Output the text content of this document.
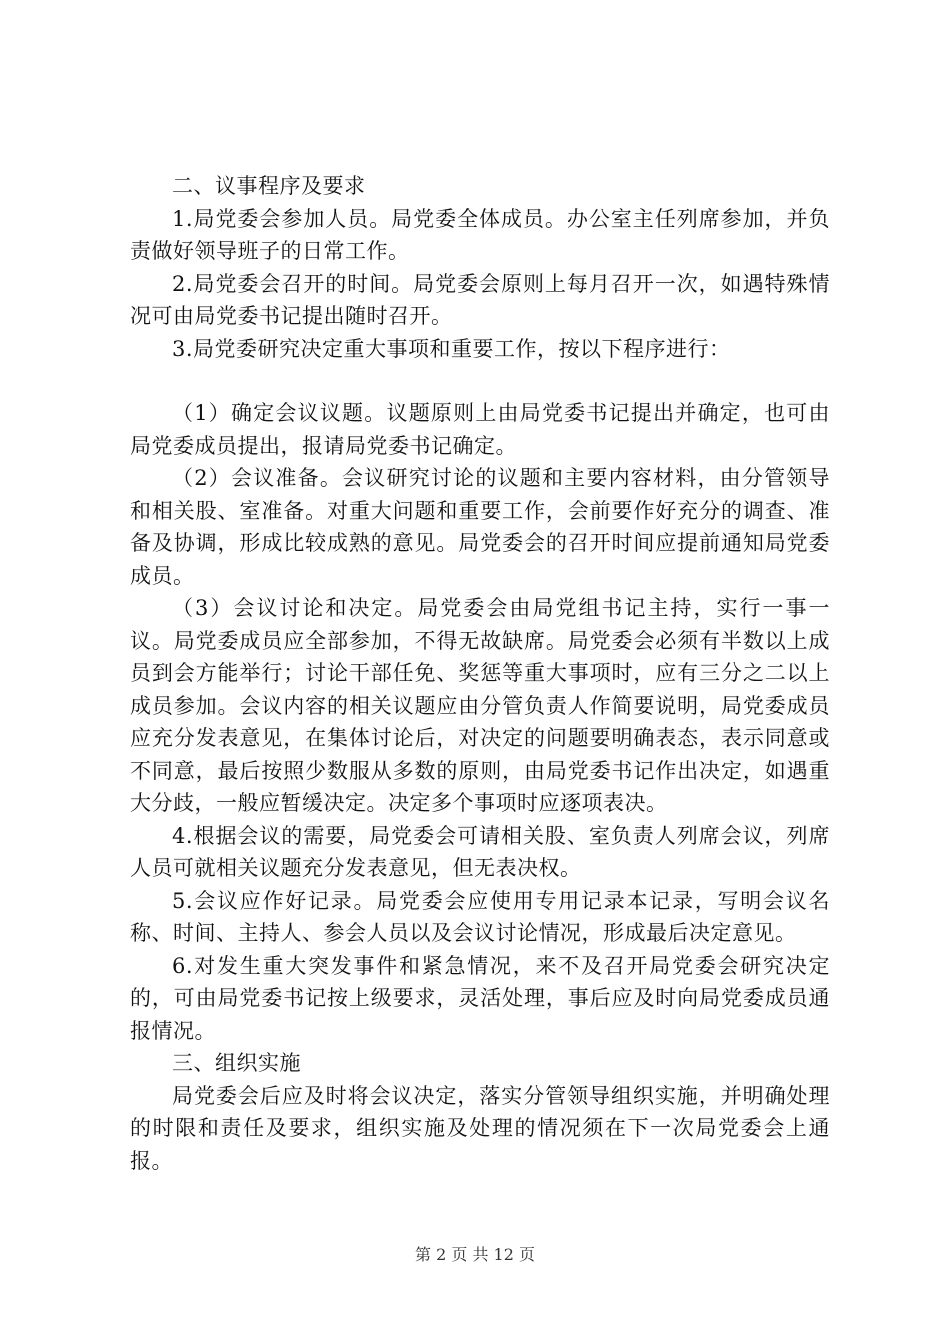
二、议事程序及要求

1.局党委会参加人员。局党委全体成员。办公室主任列席参加，并负责做好领导班子的日常工作。

2.局党委会召开的时间。局党委会原则上每月召开一次，如遇特殊情况可由局党委书记提出随时召开。

3.局党委研究决定重大事项和重要工作，按以下程序进行：

（1）确定会议议题。议题原则上由局党委书记提出并确定，也可由局党委成员提出，报请局党委书记确定。

（2）会议准备。会议研究讨论的议题和主要内容材料，由分管领导和相关股、室准备。对重大问题和重要工作，会前要作好充分的调查、准备及协调，形成比较成熟的意见。局党委会的召开时间应提前通知局党委成员。

（3）会议讨论和决定。局党委会由局党组书记主持，实行一事一议。局党委成员应全部参加，不得无故缺席。局党委会必须有半数以上成员到会方能举行；讨论干部任免、奖惩等重大事项时，应有三分之二以上成员参加。会议内容的相关议题应由分管负责人作简要说明，局党委成员应充分发表意见，在集体讨论后，对决定的问题要明确表态，表示同意或不同意，最后按照少数服从多数的原则，由局党委书记作出决定，如遇重大分歧，一般应暂缓决定。决定多个事项时应逐项表决。

4.根据会议的需要，局党委会可请相关股、室负责人列席会议，列席人员可就相关议题充分发表意见，但无表决权。

5.会议应作好记录。局党委会应使用专用记录本记录，写明会议名称、时间、主持人、参会人员以及会议讨论情况，形成最后决定意见。

6.对发生重大突发事件和紧急情况，来不及召开局党委会研究决定的，可由局党委书记按上级要求，灵活处理，事后应及时向局党委成员通报情况。

三、组织实施

局党委会后应及时将会议决定，落实分管领导组织实施，并明确处理的时限和责任及要求，组织实施及处理的情况须在下一次局党委会上通报。

第 2 页 共 12 页
